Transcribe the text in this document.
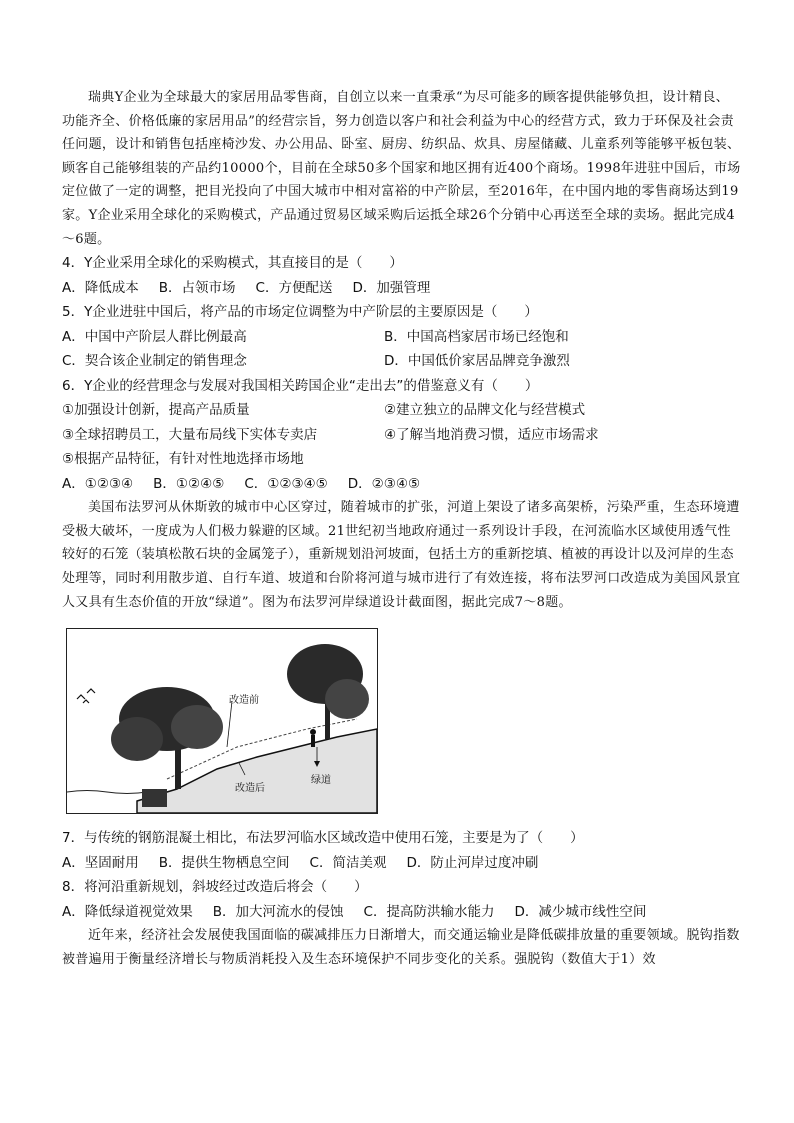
瑞典Y企业为全球最大的家居用品零售商，自创立以来一直秉承“为尽可能多的顾客提供能够负担，设计精良、功能齐全、价格低廉的家居用品”的经营宗旨，努力创造以客户和社会利益为中心的经营方式，致力于环保及社会责任问题，设计和销售包括座椅沙发、办公用品、卧室、厨房、纺织品、炊具、房屋储藏、儿童系列等能够平板包装、顾客自己能够组装的产品约10000个，目前在全球50多个国家和地区拥有近400个商场。1998年进驻中国后，市场定位做了一定的调整，把目光投向了中国大城市中相对富裕的中产阶层，至2016年，在中国内地的零售商场达到19家。Y企业采用全球化的采购模式，产品通过贸易区域采购后运抵全球26个分销中心再送至全球的卖场。据此完成4～6题。

4．Y企业采用全球化的采购模式，其直接目的是（　　）

A．降低成本 B．占领市场 C．方便配送 D．加强管理

5．Y企业进驻中国后，将产品的市场定位调整为中产阶层的主要原因是（　　）

A．中国中产阶层人群比例最高	B．中国高档家居市场已经饱和
C．契合该企业制定的销售理念	D．中国低价家居品牌竞争激烈

6．Y企业的经营理念与发展对我国相关跨国企业“走出去”的借鉴意义有（　　）

①加强设计创新，提高产品质量	②建立独立的品牌文化与经营模式
③全球招聘员工，大量布局线下实体专卖店	④了解当地消费习惯，适应市场需求
⑤根据产品特征，有针对性地选择市场地
A．①②③④ B．①②④⑤ C．①②③④⑤ D．②③④⑤

美国布法罗河从休斯敦的城市中心区穿过，随着城市的扩张，河道上架设了诸多高架桥，污染严重，生态环境遭受极大破坏，一度成为人们极力躲避的区域。21世纪初当地政府通过一系列设计手段，在河流临水区域使用透气性较好的石笼（装填松散石块的金属笼子），重新规划沿河坡面，包括土方的重新挖填、植被的再设计以及河岸的生态处理等，同时利用散步道、自行车道、坡道和台阶将河道与城市进行了有效连接，将布法罗河口改造成为美国风景宜人又具有生态价值的开放“绿道”。图为布法罗河岸绿道设计截面图，据此完成7～8题。

改造前
改造后
绿道

7．与传统的钢筋混凝土相比，布法罗河临水区域改造中使用石笼，主要是为了（　　）

A．坚固耐用 B．提供生物栖息空间 C．简洁美观 D．防止河岸过度冲刷

8．将河沿重新规划，斜坡经过改造后将会（　　）

A．降低绿道视觉效果 B．加大河流水的侵蚀 C．提高防洪输水能力 D．减少城市线性空间

近年来，经济社会发展使我国面临的碳减排压力日渐增大，而交通运输业是降低碳排放量的重要领域。脱钩指数被普遍用于衡量经济增长与物质消耗投入及生态环境保护不同步变化的关系。强脱钩（数值大于1）效
